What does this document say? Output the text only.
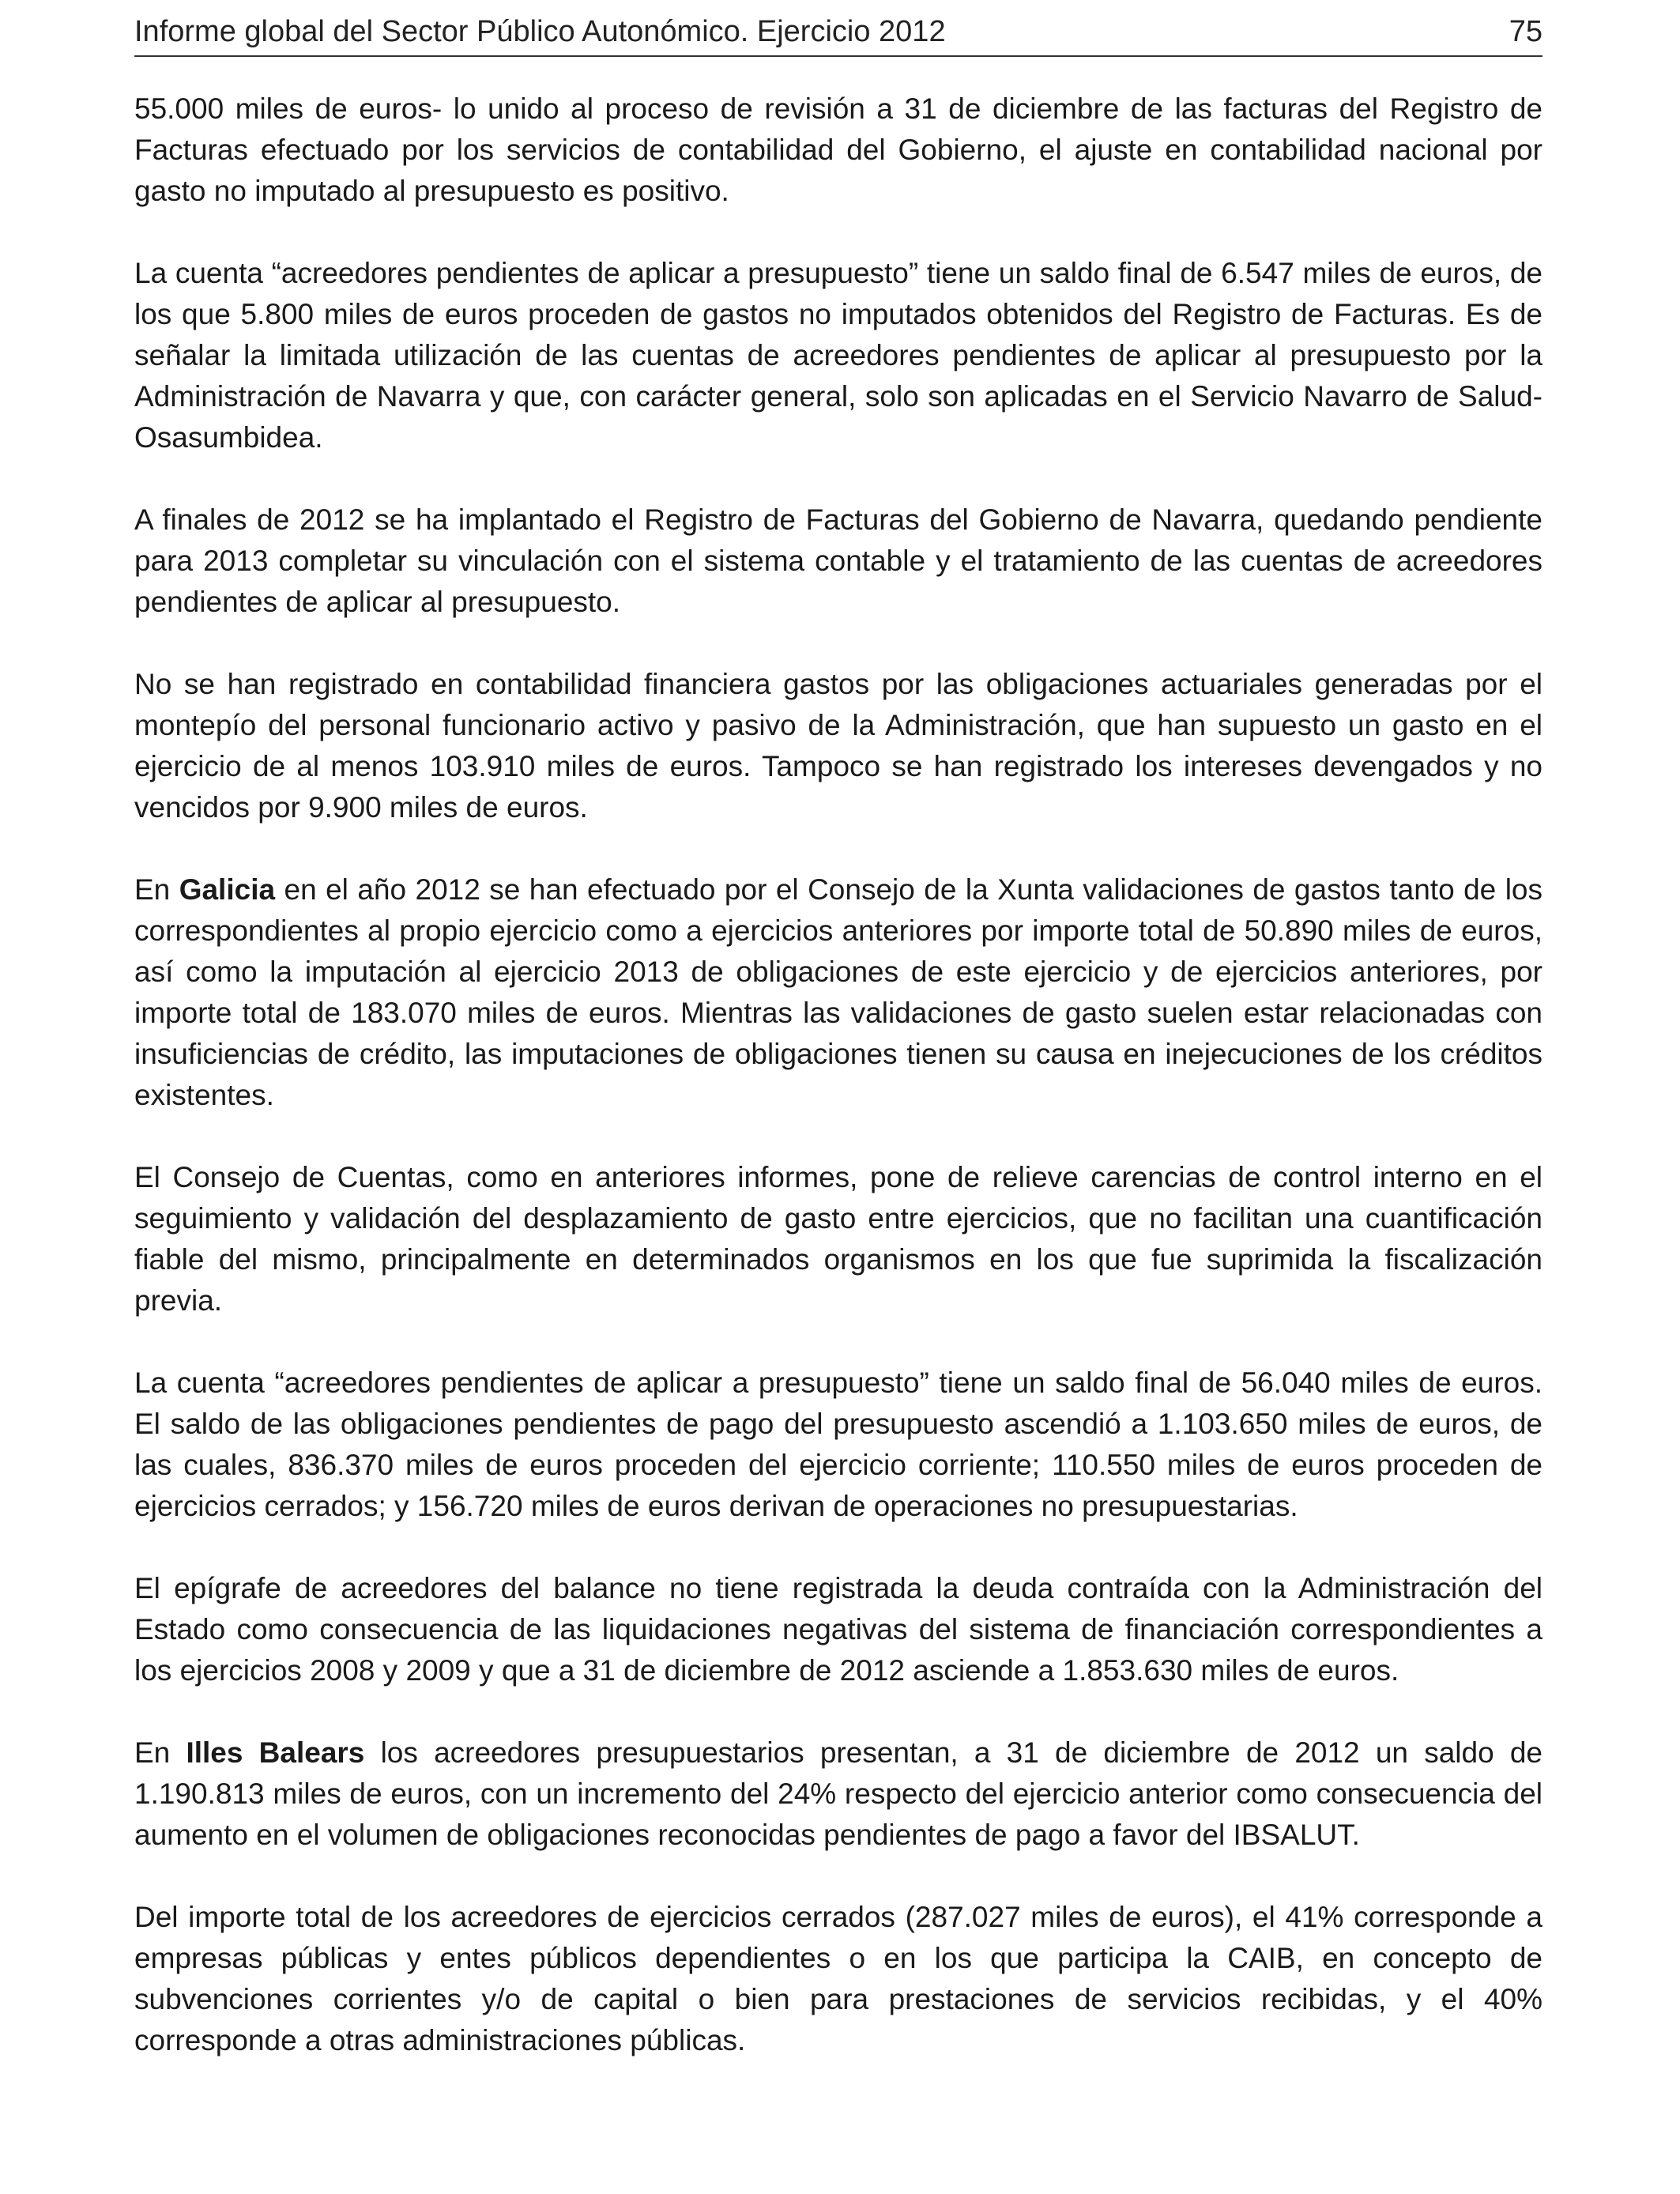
Informe global del Sector Público Autonómico. Ejercicio 2012	75

55.000 miles de euros- lo unido al proceso de revisión a 31 de diciembre de las facturas del Registro de Facturas efectuado por los servicios de contabilidad del Gobierno, el ajuste en contabilidad nacional por gasto no imputado al presupuesto es positivo.

La cuenta “acreedores pendientes de aplicar a presupuesto” tiene un saldo final de 6.547 miles de euros, de los que 5.800 miles de euros proceden de gastos no imputados obtenidos del Registro de Facturas. Es de señalar la limitada utilización de las cuentas de acreedores pendientes de aplicar al presupuesto por la Administración de Navarra y que, con carácter general, solo son aplicadas en el Servicio Navarro de Salud-Osasumbidea.

A finales de 2012 se ha implantado el Registro de Facturas del Gobierno de Navarra, quedando pendiente para 2013 completar su vinculación con el sistema contable y el tratamiento de las cuentas de acreedores pendientes de aplicar al presupuesto.

No se han registrado en contabilidad financiera gastos por las obligaciones actuariales generadas por el montepío del personal funcionario activo y pasivo de la Administración, que han supuesto un gasto en el ejercicio de al menos 103.910 miles de euros. Tampoco se han registrado los intereses devengados y no vencidos por 9.900 miles de euros.

En Galicia en el año 2012 se han efectuado por el Consejo de la Xunta validaciones de gastos tanto de los correspondientes al propio ejercicio como a ejercicios anteriores por importe total de 50.890 miles de euros, así como la imputación al ejercicio 2013 de obligaciones de este ejercicio y de ejercicios anteriores, por importe total de 183.070 miles de euros. Mientras las validaciones de gasto suelen estar relacionadas con insuficiencias de crédito, las imputaciones de obligaciones tienen su causa en inejecuciones de los créditos existentes.

El Consejo de Cuentas, como en anteriores informes, pone de relieve carencias de control interno en el seguimiento y validación del desplazamiento de gasto entre ejercicios, que no facilitan una cuantificación fiable del mismo, principalmente en determinados organismos en los que fue suprimida la fiscalización previa.

La cuenta “acreedores pendientes de aplicar a presupuesto” tiene un saldo final de 56.040 miles de euros. El saldo de las obligaciones pendientes de pago del presupuesto ascendió a 1.103.650 miles de euros, de las cuales, 836.370 miles de euros proceden del ejercicio corriente; 110.550 miles de euros proceden de ejercicios cerrados; y 156.720 miles de euros derivan de operaciones no presupuestarias.

El epígrafe de acreedores del balance no tiene registrada la deuda contraída con la Administración del Estado como consecuencia de las liquidaciones negativas del sistema de financiación correspondientes a los ejercicios 2008 y 2009 y que a 31 de diciembre de 2012 asciende a 1.853.630 miles de euros.

En Illes Balears los acreedores presupuestarios presentan, a 31 de diciembre de 2012 un saldo de 1.190.813 miles de euros, con un incremento del 24% respecto del ejercicio anterior como consecuencia del aumento en el volumen de obligaciones reconocidas pendientes de pago a favor del IBSALUT.

Del importe total de los acreedores de ejercicios cerrados (287.027 miles de euros), el 41% corresponde a empresas públicas y entes públicos dependientes o en los que participa la CAIB, en concepto de subvenciones corrientes y/o de capital o bien para prestaciones de servicios recibidas, y el 40% corresponde a otras administraciones públicas.
